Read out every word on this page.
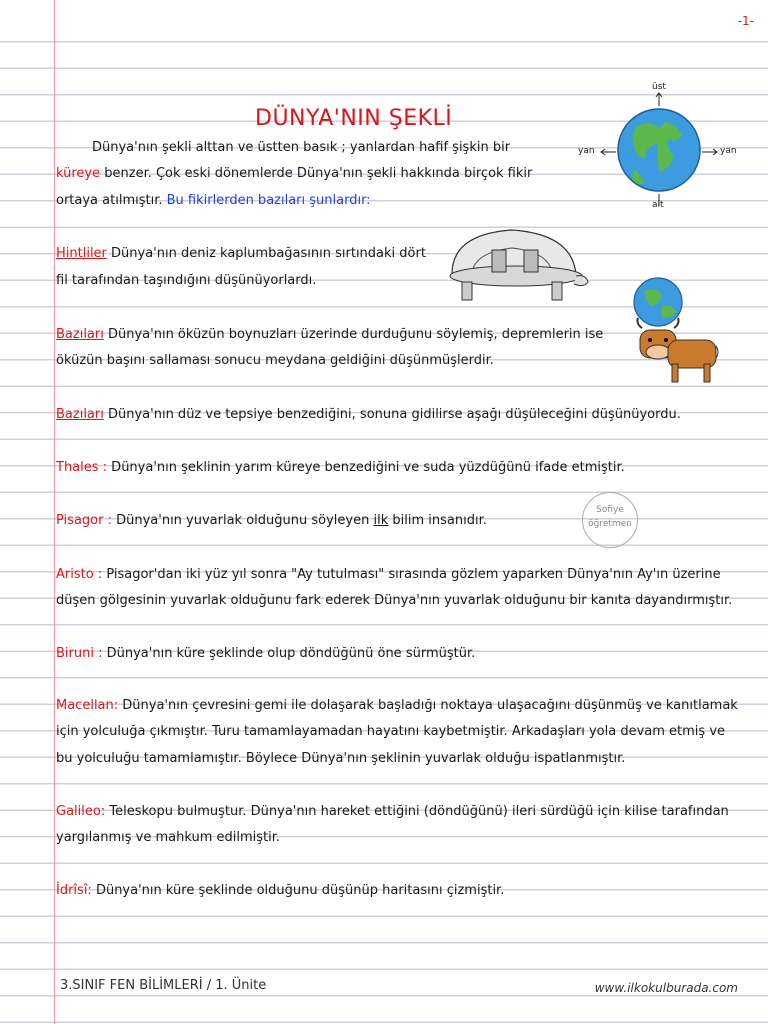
-1-
DÜNYA'NIN ŞEKLİ
üst
yan	yan
alt
Dünya'nın şekli alttan ve üstten basık ; yanlardan hafif şişkin bir
küreye benzer. Çok eski dönemlerde Dünya'nın şekli hakkında birçok fikir
ortaya atılmıştır. Bu fikirlerden bazıları şunlardır:
Hintliler Dünya'nın deniz kaplumbağasının sırtındaki dört
fil tarafından taşındığını düşünüyorlardı.
Bazıları Dünya'nın öküzün boynuzları üzerinde durduğunu söylemiş, depremlerin ise
öküzün başını sallaması sonucu meydana geldiğini düşünmüşlerdir.
Bazıları Dünya'nın düz ve tepsiye benzediğini, sonuna gidilirse aşağı düşüleceğini düşünüyordu.
Thales : Dünya'nın şeklinin yarım küreye benzediğini ve suda yüzdüğünü ifade etmiştir.
Pisagor : Dünya'nın yuvarlak olduğunu söyleyen ilk bilim insanıdır.
Sofiye
öğretmen
Aristo : Pisagor'dan iki yüz yıl sonra "Ay tutulması" sırasında gözlem yaparken Dünya'nın Ay'ın üzerine
düşen gölgesinin yuvarlak olduğunu fark ederek Dünya'nın yuvarlak olduğunu bir kanıta dayandırmıştır.
Biruni : Dünya'nın küre şeklinde olup döndüğünü öne sürmüştür.
Macellan: Dünya'nın çevresini gemi ile dolaşarak başladığı noktaya ulaşacağını düşünmüş ve kanıtlamak
için yolculuğa çıkmıştır. Turu tamamlayamadan hayatını kaybetmiştir. Arkadaşları yola devam etmiş ve
bu yolculuğu tamamlamıştır. Böylece Dünya'nın şeklinin yuvarlak olduğu ispatlanmıştır.
Galileo: Teleskopu bulmuştur. Dünya'nın hareket ettiğini (döndüğünü) ileri sürdüğü için kilise tarafından
yargılanmış ve mahkum edilmiştir.
İdrîsî: Dünya'nın küre şeklinde olduğunu düşünüp haritasını çizmiştir.
3.SINIF FEN BİLİMLERİ / 1. Ünite	www.ilkokulburada.com
